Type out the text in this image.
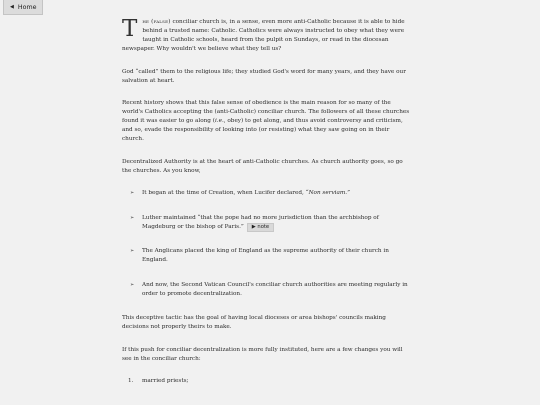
◀ Home

The (false) conciliar church is, in a sense, even more anti-Catholic because it is able to hide behind a trusted name: Catholic. Catholics were always instructed to obey what they were taught in Catholic schools, heard from the pulpit on Sundays, or read in the diocesan newspaper. Why wouldn't we believe what they tell us?

God “called” them to the religious life; they studied God's word for many years, and they have our salvation at heart.

Recent history shows that this false sense of obedience is the main reason for so many of the world's Catholics accepting the (anti-Catholic) conciliar church. The followers of all these churches found it was easier to go along (i.e., obey) to get along, and thus avoid controversy and criticism, and so, evade the responsibility of looking into (or resisting) what they saw going on in their church.

Decentralized Authority is at the heart of anti-Catholic churches. As church authority goes, so go the churches. As you know,

➢ It began at the time of Creation, when Lucifer declared, “Non serviam.”
➢ Luther maintained “that the pope had no more jurisdiction than the archbishop of Magdeburg or the bishop of Paris.” ▶ note
➢ The Anglicans placed the king of England as the supreme authority of their church in England.
➢ And now, the Second Vatican Council's conciliar church authorities are meeting regularly in order to promote decentralization.

This deceptive tactic has the goal of having local dioceses or area bishops' councils making decisions not properly theirs to make.

If this push for conciliar decentralization is more fully instituted, here are a few changes you will see in the conciliar church:

1. married priests;
